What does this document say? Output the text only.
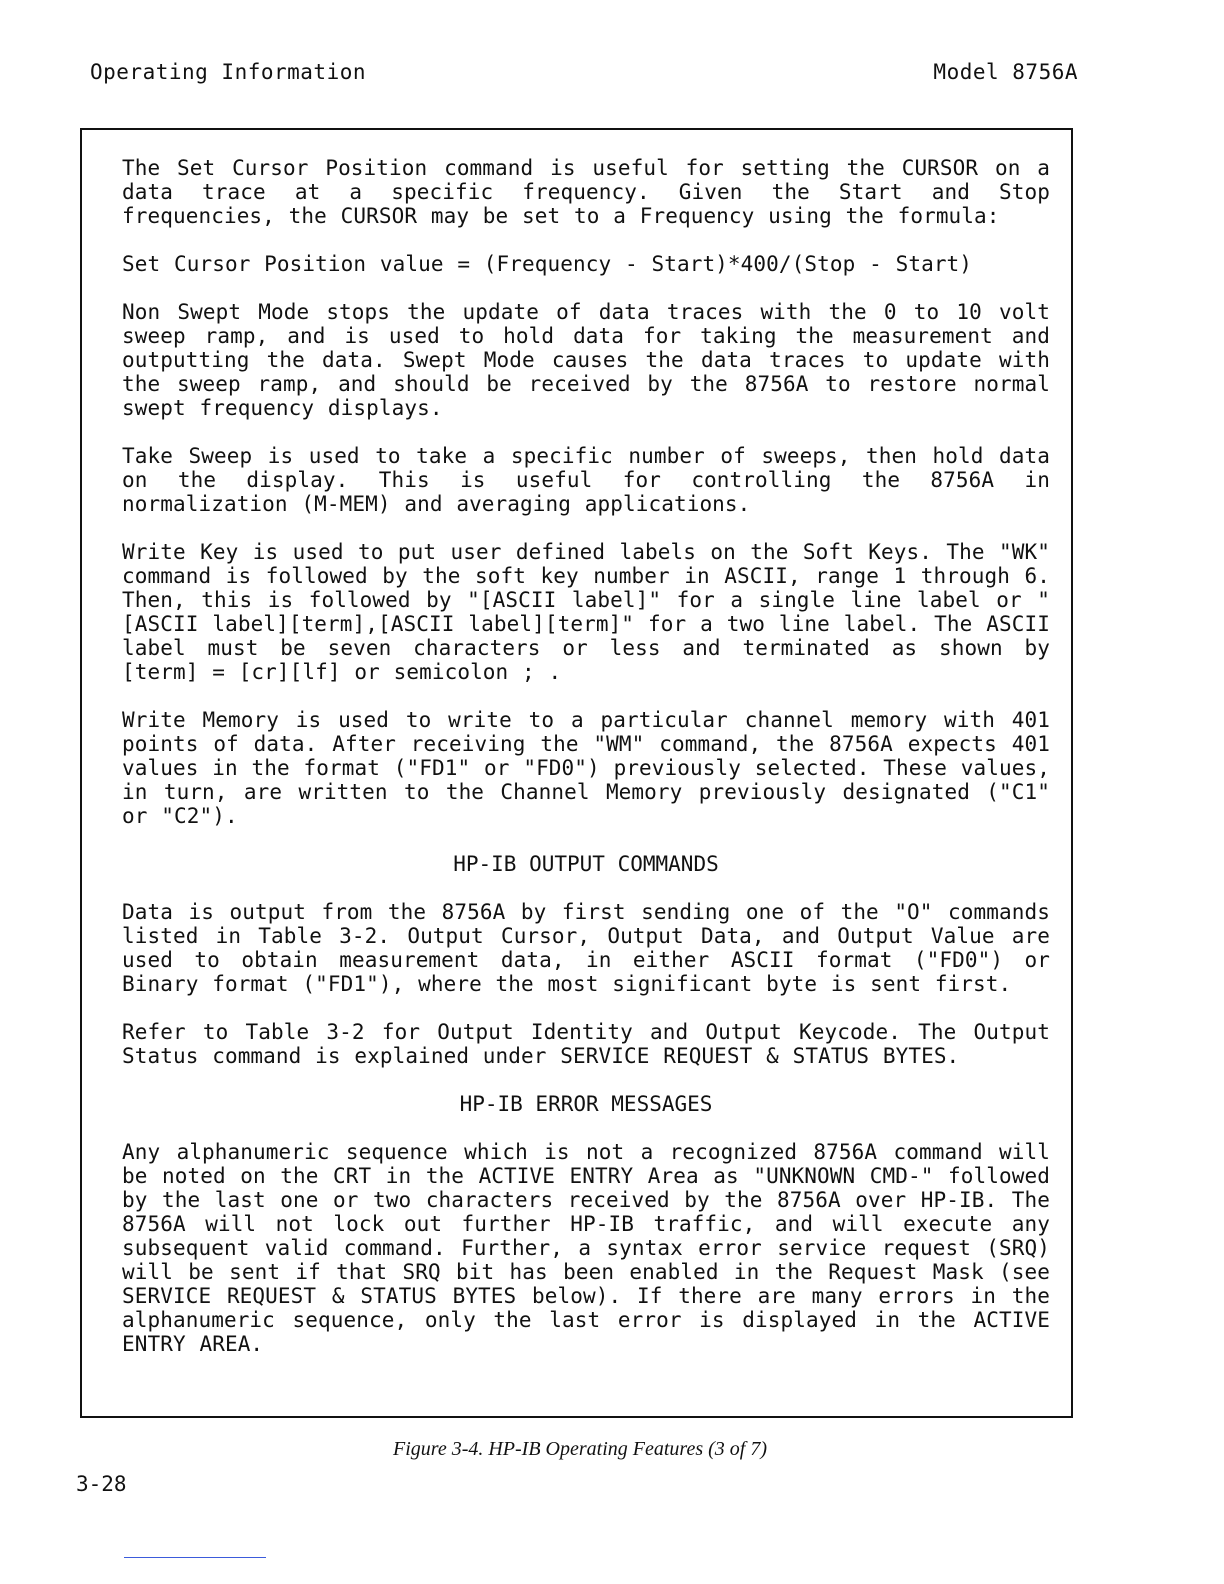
Operating Information	Model 8756A

The Set Cursor Position command is useful for setting the CURSOR on a data trace at a specific frequency. Given the Start and Stop frequencies, the CURSOR may be set to a Frequency using the formula:

Set Cursor Position value = (Frequency - Start)*400/(Stop - Start)

Non Swept Mode stops the update of data traces with the 0 to 10 volt sweep ramp, and is used to hold data for taking the measurement and outputting the data. Swept Mode causes the data traces to update with the sweep ramp, and should be received by the 8756A to restore normal swept frequency displays.

Take Sweep is used to take a specific number of sweeps, then hold data on the display. This is useful for controlling the 8756A in normalization (M-MEM) and averaging applications.

Write Key is used to put user defined labels on the Soft Keys. The "WK" command is followed by the soft key number in ASCII, range 1 through 6. Then, this is followed by "[ASCII label]" for a single line label or "[ASCII label][term],[ASCII label][term]" for a two line label. The ASCII label must be seven characters or less and terminated as shown by [term] = [cr][lf] or semicolon ; .

Write Memory is used to write to a particular channel memory with 401 points of data. After receiving the "WM" command, the 8756A expects 401 values in the format ("FD1" or "FD0") previously selected. These values, in turn, are written to the Channel Memory previously designated ("C1" or "C2").

HP-IB OUTPUT COMMANDS

Data is output from the 8756A by first sending one of the "O" commands listed in Table 3-2. Output Cursor, Output Data, and Output Value are used to obtain measurement data, in either ASCII format ("FD0") or Binary format ("FD1"), where the most significant byte is sent first.

Refer to Table 3-2 for Output Identity and Output Keycode. The Output Status command is explained under SERVICE REQUEST & STATUS BYTES.

HP-IB ERROR MESSAGES

Any alphanumeric sequence which is not a recognized 8756A command will be noted on the CRT in the ACTIVE ENTRY Area as "UNKNOWN CMD-" followed by the last one or two characters received by the 8756A over HP-IB. The 8756A will not lock out further HP-IB traffic, and will execute any subsequent valid command. Further, a syntax error service request (SRQ) will be sent if that SRQ bit has been enabled in the Request Mask (see SERVICE REQUEST & STATUS BYTES below). If there are many errors in the alphanumeric sequence, only the last error is displayed in the ACTIVE ENTRY AREA.

Figure 3-4. HP-IB Operating Features (3 of 7)
3-28
